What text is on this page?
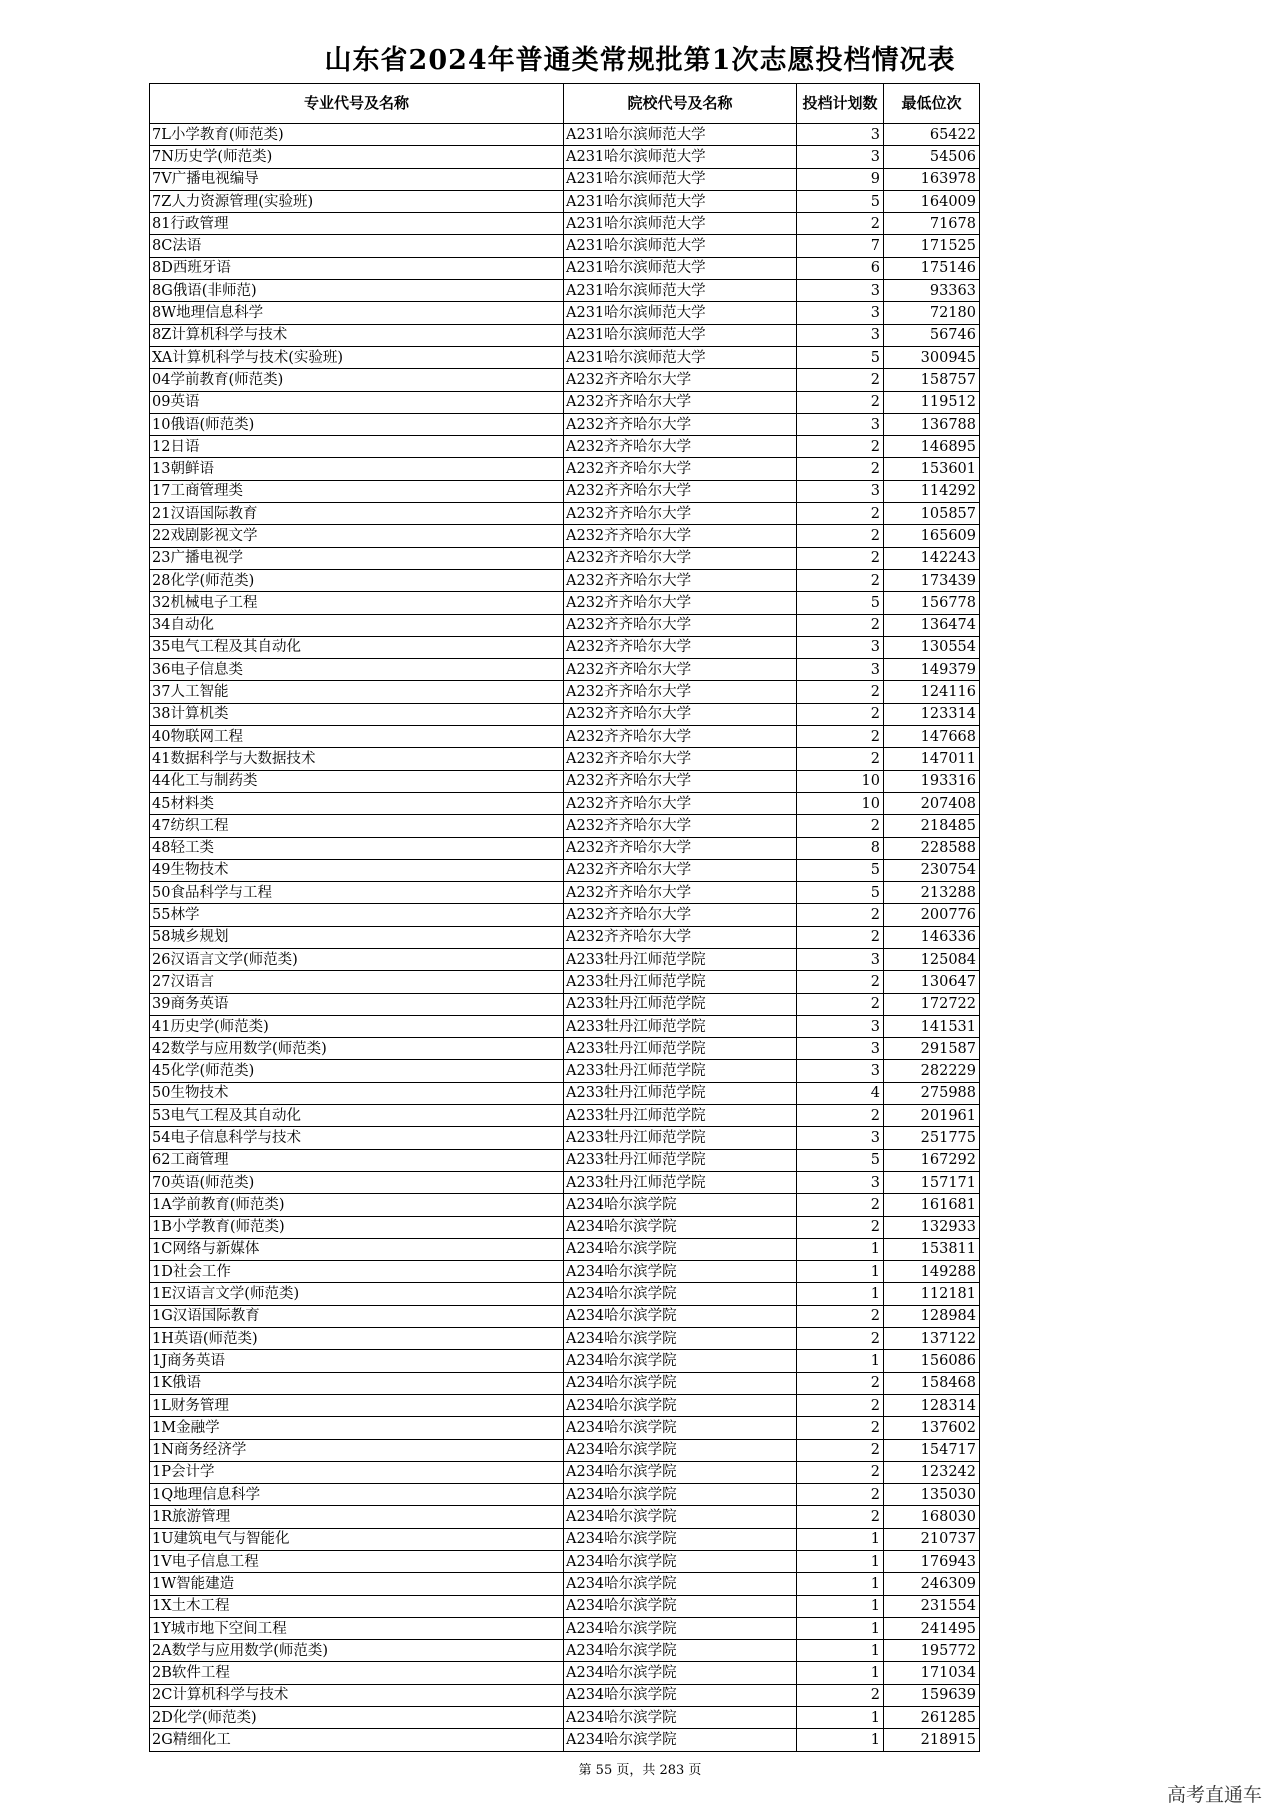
山东省2024年普通类常规批第1次志愿投档情况表
专业代号及名称	院校代号及名称	投档计划数	最低位次
7L小学教育(师范类)	A231哈尔滨师范大学	3	65422
7N历史学(师范类)	A231哈尔滨师范大学	3	54506
7V广播电视编导	A231哈尔滨师范大学	9	163978
7Z人力资源管理(实验班)	A231哈尔滨师范大学	5	164009
81行政管理	A231哈尔滨师范大学	2	71678
8C法语	A231哈尔滨师范大学	7	171525
8D西班牙语	A231哈尔滨师范大学	6	175146
8G俄语(非师范)	A231哈尔滨师范大学	3	93363
8W地理信息科学	A231哈尔滨师范大学	3	72180
8Z计算机科学与技术	A231哈尔滨师范大学	3	56746
XA计算机科学与技术(实验班)	A231哈尔滨师范大学	5	300945
04学前教育(师范类)	A232齐齐哈尔大学	2	158757
09英语	A232齐齐哈尔大学	2	119512
10俄语(师范类)	A232齐齐哈尔大学	3	136788
12日语	A232齐齐哈尔大学	2	146895
13朝鲜语	A232齐齐哈尔大学	2	153601
17工商管理类	A232齐齐哈尔大学	3	114292
21汉语国际教育	A232齐齐哈尔大学	2	105857
22戏剧影视文学	A232齐齐哈尔大学	2	165609
23广播电视学	A232齐齐哈尔大学	2	142243
28化学(师范类)	A232齐齐哈尔大学	2	173439
32机械电子工程	A232齐齐哈尔大学	5	156778
34自动化	A232齐齐哈尔大学	2	136474
35电气工程及其自动化	A232齐齐哈尔大学	3	130554
36电子信息类	A232齐齐哈尔大学	3	149379
37人工智能	A232齐齐哈尔大学	2	124116
38计算机类	A232齐齐哈尔大学	2	123314
40物联网工程	A232齐齐哈尔大学	2	147668
41数据科学与大数据技术	A232齐齐哈尔大学	2	147011
44化工与制药类	A232齐齐哈尔大学	10	193316
45材料类	A232齐齐哈尔大学	10	207408
47纺织工程	A232齐齐哈尔大学	2	218485
48轻工类	A232齐齐哈尔大学	8	228588
49生物技术	A232齐齐哈尔大学	5	230754
50食品科学与工程	A232齐齐哈尔大学	5	213288
55林学	A232齐齐哈尔大学	2	200776
58城乡规划	A232齐齐哈尔大学	2	146336
26汉语言文学(师范类)	A233牡丹江师范学院	3	125084
27汉语言	A233牡丹江师范学院	2	130647
39商务英语	A233牡丹江师范学院	2	172722
41历史学(师范类)	A233牡丹江师范学院	3	141531
42数学与应用数学(师范类)	A233牡丹江师范学院	3	291587
45化学(师范类)	A233牡丹江师范学院	3	282229
50生物技术	A233牡丹江师范学院	4	275988
53电气工程及其自动化	A233牡丹江师范学院	2	201961
54电子信息科学与技术	A233牡丹江师范学院	3	251775
62工商管理	A233牡丹江师范学院	5	167292
70英语(师范类)	A233牡丹江师范学院	3	157171
1A学前教育(师范类)	A234哈尔滨学院	2	161681
1B小学教育(师范类)	A234哈尔滨学院	2	132933
1C网络与新媒体	A234哈尔滨学院	1	153811
1D社会工作	A234哈尔滨学院	1	149288
1E汉语言文学(师范类)	A234哈尔滨学院	1	112181
1G汉语国际教育	A234哈尔滨学院	2	128984
1H英语(师范类)	A234哈尔滨学院	2	137122
1J商务英语	A234哈尔滨学院	1	156086
1K俄语	A234哈尔滨学院	2	158468
1L财务管理	A234哈尔滨学院	2	128314
1M金融学	A234哈尔滨学院	2	137602
1N商务经济学	A234哈尔滨学院	2	154717
1P会计学	A234哈尔滨学院	2	123242
1Q地理信息科学	A234哈尔滨学院	2	135030
1R旅游管理	A234哈尔滨学院	2	168030
1U建筑电气与智能化	A234哈尔滨学院	1	210737
1V电子信息工程	A234哈尔滨学院	1	176943
1W智能建造	A234哈尔滨学院	1	246309
1X土木工程	A234哈尔滨学院	1	231554
1Y城市地下空间工程	A234哈尔滨学院	1	241495
2A数学与应用数学(师范类)	A234哈尔滨学院	1	195772
2B软件工程	A234哈尔滨学院	1	171034
2C计算机科学与技术	A234哈尔滨学院	2	159639
2D化学(师范类)	A234哈尔滨学院	1	261285
2G精细化工	A234哈尔滨学院	1	218915
第 55 页，共 283 页
高考直通车
